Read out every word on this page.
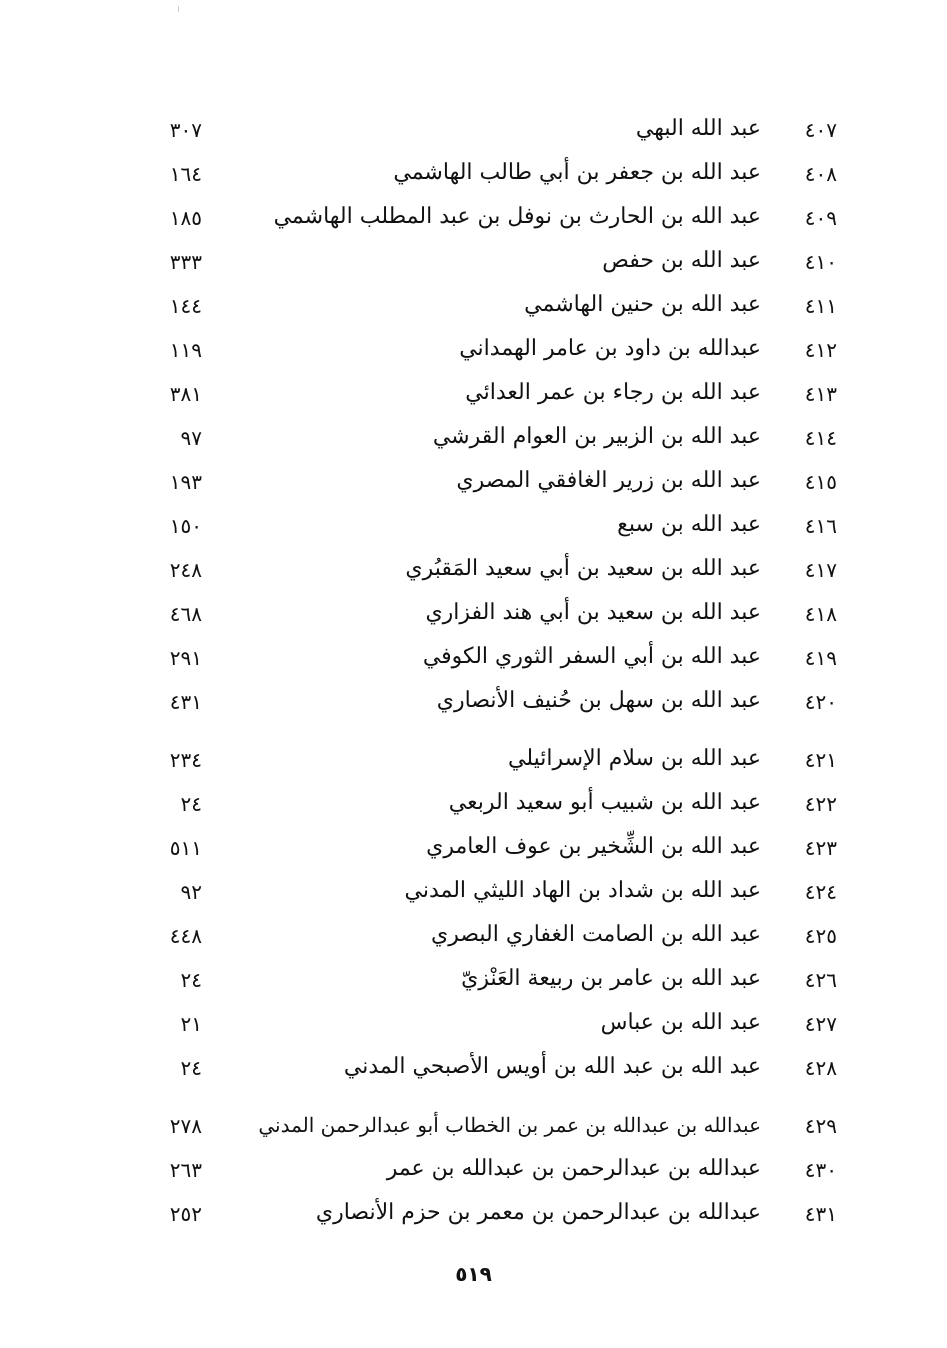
٤٠٧
عبد الله البهي
٣٠٧
٤٠٨
عبد الله بن جعفر بن أبي طالب الهاشمي
١٦٤
٤٠٩
عبد الله بن الحارث بن نوفل بن عبد المطلب الهاشمي
١٨٥
٤١٠
عبد الله بن حفص
٣٣٣
٤١١
عبد الله بن حنين الهاشمي
١٤٤
٤١٢
عبدالله بن داود بن عامر الهمداني
١١٩
٤١٣
عبد الله بن رجاء بن عمر العدائي
٣٨١
٤١٤
عبد الله بن الزبير بن العوام القرشي
٩٧
٤١٥
عبد الله بن زرير الغافقي المصري
١٩٣
٤١٦
عبد الله بن سبع
١٥٠
٤١٧
عبد الله بن سعيد بن أبي سعيد المَقبُري
٢٤٨
٤١٨
عبد الله بن سعيد بن أبي هند الفزاري
٤٦٨
٤١٩
عبد الله بن أبي السفر الثوري الكوفي
٢٩١
٤٢٠
عبد الله بن سهل بن حُنيف الأنصاري
٤٣١
٤٢١
عبد الله بن سلام الإسرائيلي
٢٣٤
٤٢٢
عبد الله بن شبيب أبو سعيد الربعي
٢٤
٤٢٣
عبد الله بن الشِّخير بن عوف العامري
٥١١
٤٢٤
عبد الله بن شداد بن الهاد الليثي المدني
٩٢
٤٢٥
عبد الله بن الصامت الغفاري البصري
٤٤٨
٤٢٦
عبد الله بن عامر بن ربيعة العَنْزيّ
٢٤
٤٢٧
عبد الله بن عباس
٢١
٤٢٨
عبد الله بن عبد الله بن أويس الأصبحي المدني
٢٤
٤٢٩
عبدالله بن عبدالله بن عمر بن الخطاب أبو عبدالرحمن المدني
٢٧٨
٤٣٠
عبدالله بن عبدالرحمن بن عبدالله بن عمر
٢٦٣
٤٣١
عبدالله بن عبدالرحمن بن معمر بن حزم الأنصاري
٢٥٢
٥١٩
